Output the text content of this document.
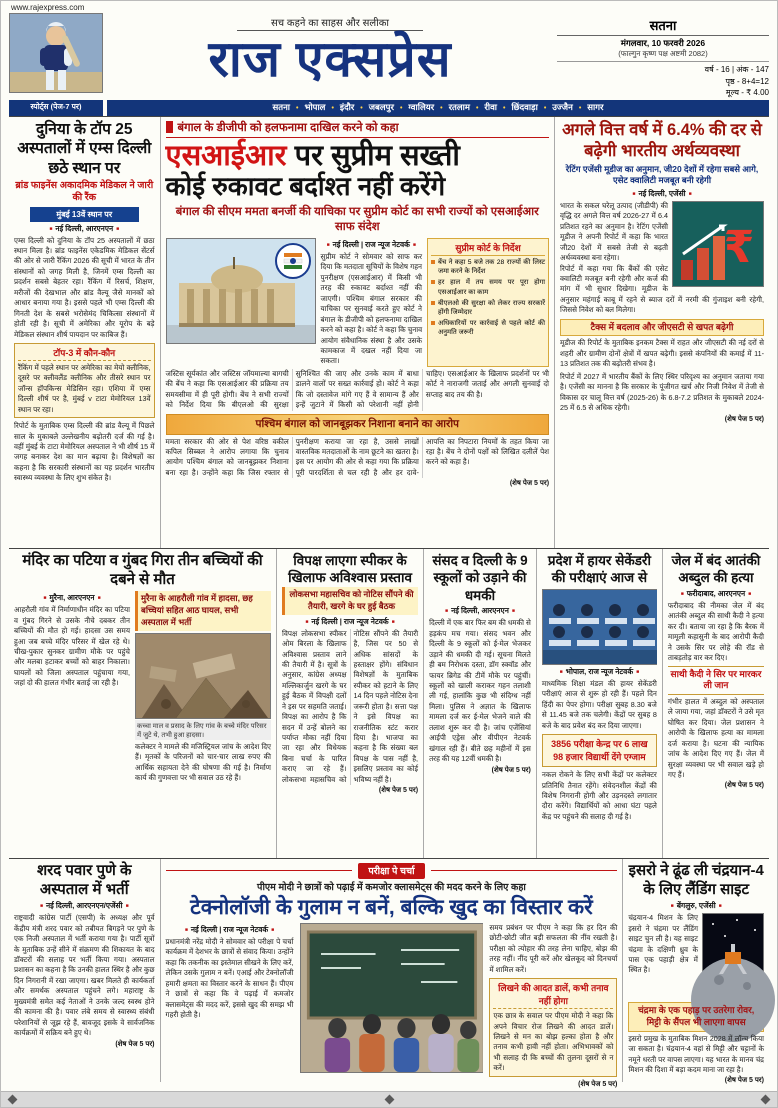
www.rajexpress.com
सच कहने का साहस और सलीका
राज एक्सप्रेस
सतना
मंगलवार, 10 फरवरी 2026
(फाल्गुन कृष्ण पक्ष अष्टमी 2082)
वर्ष - 16 | अंक - 147
पृष्ठ - 8+4=12
मूल्य - ₹ 4.00
स्पोर्ट्स (पेज-7 पर)	सतना • भोपाल • इंदौर • जबलपुर • ग्वालियर • रतलाम • रीवा • छिंदवाड़ा • उज्जैन • सागर
दुनिया के टॉप 25 अस्पतालों में एम्स दिल्ली छठे स्थान पर
ब्रांड फाइनेंस अकादमिक मेडिकल ने जारी की रैंक
मुंबई 13वें स्थान पर
■ नई दिल्ली, आरएनएन ■
एम्स दिल्ली को दुनिया के टॉप 25 अस्पतालों में छठा स्थान मिला है। ब्रांड फाइनेंस एकेडमिक मेडिकल सेंटर्स की ओर से जारी रैंकिंग 2026 की सूची में भारत के तीन संस्थानों को जगह मिली है, जिनमें एम्स दिल्ली का प्रदर्शन सबसे बेहतर रहा। रैंकिंग में रिसर्च, शिक्षण, मरीजों की देखभाल और ब्रांड वैल्यू जैसे मानकों को आधार बनाया गया है। इससे पहले भी एम्स दिल्ली की गिनती देश के सबसे भरोसेमंद चिकित्सा संस्थानों में होती रही है। सूची में अमेरिका और यूरोप के बड़े मेडिकल संस्थान शीर्ष पायदान पर काबिज हैं।
टॉप-3 में कौन-कौन
रैंकिंग में पहले स्थान पर अमेरिका का मेयो क्लीनिक, दूसरे पर क्लीवलैंड क्लीनिक और तीसरे स्थान पर जॉन्स हॉपकिन्स मेडिसिन रहा। एशिया में एम्स दिल्ली शीर्ष पर है, मुंबई v टाटा मेमोरियल 13वें स्थान पर रहा।
रिपोर्ट के मुताबिक एम्स दिल्ली की ब्रांड वैल्यू में पिछले साल के मुकाबले उल्लेखनीय बढ़ोतरी दर्ज की गई है। वहीं मुंबई के टाटा मेमोरियल अस्पताल ने भी शीर्ष 15 में जगह बनाकर देश का मान बढ़ाया है। विशेषज्ञों का कहना है कि सरकारी संस्थानों का यह प्रदर्शन भारतीय स्वास्थ्य व्यवस्था के लिए शुभ संकेत है।
बंगाल के डीजीपी को हलफनामा दाखिल करने को कहा
एसआईआर पर सुप्रीम सख्ती
कोई रुकावट बर्दाश्त नहीं करेंगे
बंगाल की सीएम ममता बनर्जी की याचिका पर सुप्रीम कोर्ट का सभी राज्यों को एसआईआर साफ संदेश
■ नई दिल्ली | राज न्यूज नेटवर्क ■
सुप्रीम कोर्ट ने सोमवार को साफ कर दिया कि मतदाता सूचियों के विशेष गहन पुनरीक्षण (एसआईआर) में किसी भी तरह की रुकावट बर्दाश्त नहीं की जाएगी। पश्चिम बंगाल सरकार की याचिका पर सुनवाई करते हुए कोर्ट ने बंगाल के डीजीपी को हलफनामा दाखिल करने को कहा है। कोर्ट ने कहा कि चुनाव आयोग संवैधानिक संस्था है और उसके कामकाज में दखल नहीं दिया जा सकता।
सुप्रीम कोर्ट के निर्देश
बेंच ने कहा 5 बजे तक 28 राज्यों की लिस्ट जमा करने के निर्देश
हर हाल में तय समय पर पूरा होगा एसआईआर का काम
बीएलओ की सुरक्षा को लेकर राज्य सरकारें होंगी जिम्मेदार
अधिकारियों पर कार्रवाई से पहले कोर्ट की अनुमति जरूरी
जस्टिस सूर्यकांत और जस्टिस जॉयमाल्या बागची की बेंच ने कहा कि एसआईआर की प्रक्रिया तय समयसीमा में ही पूरी होगी। बेंच ने सभी राज्यों को निर्देश दिया कि बीएलओ की सुरक्षा सुनिश्चित की जाए और उनके काम में बाधा डालने वालों पर सख्त कार्रवाई हो। कोर्ट ने कहा कि जो दस्तावेज मांगे गए हैं वे सामान्य हैं और इन्हें जुटाने में किसी को परेशानी नहीं होनी चाहिए। एसआईआर के खिलाफ प्रदर्शनों पर भी कोर्ट ने नाराजगी जताई और अगली सुनवाई दो सप्ताह बाद तय की है।
पश्चिम बंगाल को जानबूझकर निशाना बनाने का आरोप
ममता सरकार की ओर से पेश वरिष्ठ वकील कपिल सिब्बल ने आरोप लगाया कि चुनाव आयोग पश्चिम बंगाल को जानबूझकर निशाना बना रहा है। उन्होंने कहा कि जिस रफ्तार से पुनरीक्षण कराया जा रहा है, उससे लाखों वास्तविक मतदाताओं के नाम छूटने का खतरा है। इस पर आयोग की ओर से कहा गया कि प्रक्रिया पूरी पारदर्शिता से चल रही है और हर दावे-आपत्ति का निपटारा नियमों के तहत किया जा रहा है। बेंच ने दोनों पक्षों को लिखित दलीलें पेश करने को कहा है।
(शेष पेज 5 पर)
अगले वित्त वर्ष में 6.4% की दर से बढ़ेगी भारतीय अर्थव्यवस्था
रेटिंग एजेंसी मूडीज का अनुमान, जी20 देशों में रहेगा सबसे आगे, एसेट क्वालिटी मजबूत बनी रहेगी
■ नई दिल्ली, एजेंसी ■
₹
भारत के सकल घरेलू उत्पाद (जीडीपी) की वृद्धि दर अगले वित्त वर्ष 2026-27 में 6.4 प्रतिशत रहने का अनुमान है। रेटिंग एजेंसी मूडीज ने अपनी रिपोर्ट में कहा कि भारत जी20 देशों में सबसे तेजी से बढ़ती अर्थव्यवस्था बना रहेगा।
रिपोर्ट में कहा गया कि बैंकों की एसेट क्वालिटी मजबूत बनी रहेगी और कर्ज की मांग में भी सुधार दिखेगा। मूडीज के अनुसार महंगाई काबू में रहने से ब्याज दरों में नरमी की गुंजाइश बनी रहेगी, जिससे निवेश को बल मिलेगा।
टैक्स में बदलाव और जीएसटी से खपत बढ़ेगी
मूडीज की रिपोर्ट के मुताबिक इनकम टैक्स में राहत और जीएसटी की नई दरों से शहरी और ग्रामीण दोनों क्षेत्रों में खपत बढ़ेगी। इससे कंपनियों की कमाई में 11-13 प्रतिशत तक की बढ़ोतरी संभव है।
रिपोर्ट में 2027 में भारतीय बैंकों के लिए स्थिर परिदृश्य का अनुमान जताया गया है। एजेंसी का मानना है कि सरकार के पूंजीगत खर्च और निजी निवेश में तेजी से विकास दर चालू वित्त वर्ष (2025-26) के 6.8-7.2 प्रतिशत के मुकाबले 2024-25 में 6.5 से अधिक रहेगी।
(शेष पेज 5 पर)
मंदिर का पटिया व गुंबद गिरा तीन बच्चियों की दबने से मौत
■ मुरैना, आरएनएन ■
आहरौली गांव में निर्माणाधीन मंदिर का पटिया व गुंबद गिरने से उसके नीचे दबकर तीन बच्चियों की मौत हो गई। हादसा उस समय हुआ जब बच्चे मंदिर परिसर में खेल रहे थे। चीख-पुकार सुनकर ग्रामीण मौके पर पहुंचे और मलबा हटाकर बच्चों को बाहर निकाला। घायलों को जिला अस्पताल पहुंचाया गया, जहां दो की हालत गंभीर बताई जा रही है।
मुरैना के आहरौली गांव में हादसा, छह बच्चियां सहित आठ घायल, सभी अस्पताल में भर्ती
कच्चा माल व प्रसाद के लिए गांव के बच्चे मंदिर परिसर में जुटे थे, तभी हुआ हादसा।
कलेक्टर ने मामले की मजिस्ट्रियल जांच के आदेश दिए हैं। मृतकों के परिजनों को चार-चार लाख रुपए की आर्थिक सहायता देने की घोषणा की गई है। निर्माण कार्य की गुणवत्ता पर भी सवाल उठ रहे हैं।
विपक्ष लाएगा स्पीकर के खिलाफ अविश्वास प्रस्ताव
लोकसभा महासचिव को नोटिस सौंपने की तैयारी, खरगे के घर हुई बैठक
■ नई दिल्ली | राज न्यूज नेटवर्क ■
विपक्ष लोकसभा स्पीकर ओम बिरला के खिलाफ अविश्वास प्रस्ताव लाने की तैयारी में है। सूत्रों के अनुसार, कांग्रेस अध्यक्ष मल्लिकार्जुन खरगे के घर हुई बैठक में विपक्षी दलों ने इस पर सहमति जताई। विपक्ष का आरोप है कि सदन में उन्हें बोलने का पर्याप्त मौका नहीं दिया जा रहा और विधेयक बिना चर्चा के पारित कराए जा रहे हैं। लोकसभा महासचिव को नोटिस सौंपने की तैयारी है, जिस पर 50 से अधिक सांसदों के हस्ताक्षर होंगे। संविधान विशेषज्ञों के मुताबिक स्पीकर को हटाने के लिए 14 दिन पहले नोटिस देना जरूरी होता है। सत्ता पक्ष ने इसे विपक्ष का राजनीतिक स्टंट करार दिया है। भाजपा का कहना है कि संख्या बल विपक्ष के पास नहीं है, इसलिए प्रस्ताव का कोई भविष्य नहीं है।
(शेष पेज 5 पर)
संसद व दिल्ली के 9 स्कूलों को उड़ाने की धमकी
■ नई दिल्ली, आरएनएन ■
दिल्ली में एक बार फिर बम की धमकी से हड़कंप मच गया। संसद भवन और दिल्ली के 9 स्कूलों को ई-मेल भेजकर उड़ाने की धमकी दी गई। सूचना मिलते ही बम निरोधक दस्ता, डॉग स्क्वॉड और फायर ब्रिगेड की टीमें मौके पर पहुंचीं। स्कूलों को खाली कराकर गहन तलाशी ली गई, हालांकि कुछ भी संदिग्ध नहीं मिला। पुलिस ने अज्ञात के खिलाफ मामला दर्ज कर ई-मेल भेजने वाले की तलाश शुरू कर दी है। जांच एजेंसियां आईपी एड्रेस और वीपीएन नेटवर्क खंगाल रही हैं। बीते छह महीनों में इस तरह की यह 12वीं धमकी है।
(शेष पेज 5 पर)
प्रदेश में हायर सेकेंडरी की परीक्षाएं आज से
■ भोपाल, राज न्यूज नेटवर्क ■
माध्यमिक शिक्षा मंडल की हायर सेकेंडरी परीक्षाएं आज से शुरू हो रही हैं। पहले दिन हिंदी का पेपर होगा। परीक्षा सुबह 8.30 बजे से 11.45 बजे तक चलेगी। केंद्रों पर सुबह 8 बजे के बाद प्रवेश बंद कर दिया जाएगा।
3856 परीक्षा केन्द्र पर 6 लाख 98 हजार विद्यार्थी देंगे एग्जाम
नकल रोकने के लिए सभी केंद्रों पर कलेक्टर प्रतिनिधि तैनात रहेंगे। संवेदनशील केंद्रों की विशेष निगरानी होगी और उड़नदस्ते लगातार दौरा करेंगे। विद्यार्थियों को आधा घंटा पहले केंद्र पर पहुंचने की सलाह दी गई है।
जेल में बंद आतंकी अब्दुल की हत्या
■ फरीदाबाद, आरएनएन ■
फरीदाबाद की नीमका जेल में बंद आतंकी अब्दुल की साथी कैदी ने हत्या कर दी। बताया जा रहा है कि बैरक में मामूली कहासुनी के बाद आरोपी कैदी ने उसके सिर पर लोहे की रॉड से ताबड़तोड़ वार कर दिए।
साथी कैदी ने सिर पर मारकर ली जान
गंभीर हालत में अब्दुल को अस्पताल ले जाया गया, जहां डॉक्टरों ने उसे मृत घोषित कर दिया। जेल प्रशासन ने आरोपी के खिलाफ हत्या का मामला दर्ज कराया है। घटना की न्यायिक जांच के आदेश दिए गए हैं। जेल में सुरक्षा व्यवस्था पर भी सवाल खड़े हो गए हैं।
(शेष पेज 5 पर)
शरद पवार पुणे के अस्पताल में भर्ती
■ नई दिल्ली, आरएनएन/एजेंसी ■
राष्ट्रवादी कांग्रेस पार्टी (एसपी) के अध्यक्ष और पूर्व केंद्रीय मंत्री शरद पवार को तबीयत बिगड़ने पर पुणे के एक निजी अस्पताल में भर्ती कराया गया है। पार्टी सूत्रों के मुताबिक उन्हें सीने में संक्रमण की शिकायत के बाद डॉक्टरों की सलाह पर भर्ती किया गया। अस्पताल प्रशासन का कहना है कि उनकी हालत स्थिर है और कुछ दिन निगरानी में रखा जाएगा। खबर मिलते ही कार्यकर्ता और समर्थक अस्पताल पहुंचने लगे। महाराष्ट्र के मुख्यमंत्री समेत कई नेताओं ने उनके जल्द स्वस्थ होने की कामना की है। पवार लंबे समय से स्वास्थ्य संबंधी परेशानियों से जूझ रहे हैं, बावजूद इसके वे सार्वजनिक कार्यक्रमों में सक्रिय बने हुए थे।
(शेष पेज 5 पर)
परीक्षा पे चर्चा
पीएम मोदी ने छात्रों को पढ़ाई में कमजोर क्लासमेट्स की मदद करने के लिए कहा
टेक्नोलॉजी के गुलाम न बनें, बल्कि खुद का विस्तार करें
■ नई दिल्ली | राज न्यूज नेटवर्क ■
प्रधानमंत्री नरेंद्र मोदी ने सोमवार को परीक्षा पे चर्चा कार्यक्रम में देशभर के छात्रों से संवाद किया। उन्होंने कहा कि तकनीक का इस्तेमाल सीखने के लिए करें, लेकिन उसके गुलाम न बनें। एआई और टेक्नोलॉजी हमारी क्षमता का विस्तार करने के साधन हैं। पीएम ने छात्रों से कहा कि वे पढ़ाई में कमजोर क्लासमेट्स की मदद करें, इससे खुद की समझ भी गहरी होती है।
समय प्रबंधन पर पीएम ने कहा कि हर दिन की छोटी-छोटी जीत बड़ी सफलता की नींव रखती है। परीक्षा को त्योहार की तरह लेना चाहिए, बोझ की तरह नहीं। नींद पूरी करें और खेलकूद को दिनचर्या में शामिल करें।
लिखने की आदत डालें, कभी तनाव नहीं होगा
एक छात्र के सवाल पर पीएम मोदी ने कहा कि अपने विचार रोज लिखने की आदत डालें। लिखने से मन का बोझ हल्का होता है और तनाव कभी हावी नहीं होता। अभिभावकों को भी सलाह दी कि बच्चों की तुलना दूसरों से न करें।
(शेष पेज 5 पर)
इसरो ने ढूंढ ली चंद्रयान-4 के लिए लैंडिंग साइट
■ बेंगलुरु, एजेंसी ■
चंद्रयान-4 मिशन के लिए इसरो ने चंद्रमा पर लैंडिंग साइट चुन ली है। यह साइट चंद्रमा के दक्षिणी ध्रुव के पास एक पहाड़ी क्षेत्र में स्थित है।
चंद्रमा के एक पहाड़ पर उतरेगा रोवर, मिट्टी के सैंपल भी लाएगा वापस
इसरो प्रमुख के मुताबिक मिशन 2028 में लॉन्च किया जा सकता है। चंद्रयान-4 वहां से मिट्टी और चट्टानों के नमूने धरती पर वापस लाएगा। यह भारत के मानव चंद्र मिशन की दिशा में बड़ा कदम माना जा रहा है।
(शेष पेज 5 पर)
